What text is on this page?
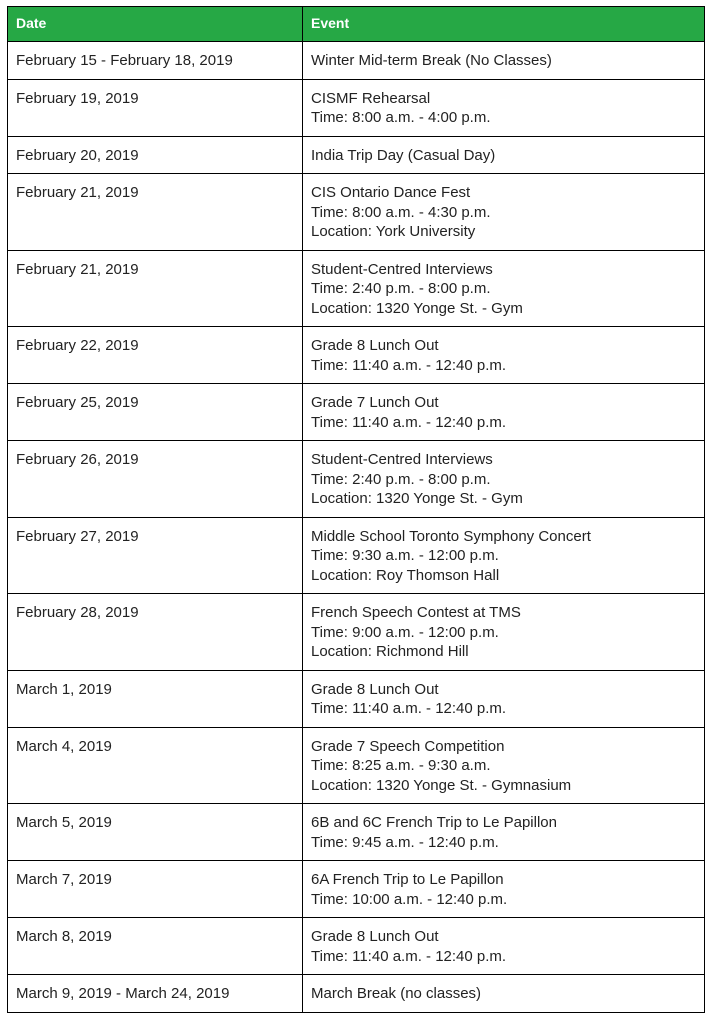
Date	Event
February 15 - February 18, 2019	Winter Mid-term Break (No Classes)

February 19, 2019	CISMF Rehearsal
Time: 8:00 a.m. - 4:00 p.m.

February 20, 2019	India Trip Day (Casual Day)

February 21, 2019	CIS Ontario Dance Fest
Time: 8:00 a.m. - 4:30 p.m.
Location: York University

February 21, 2019	Student-Centred Interviews
Time: 2:40 p.m. - 8:00 p.m.
Location: 1320 Yonge St. - Gym

February 22, 2019	Grade 8 Lunch Out
Time: 11:40 a.m. - 12:40 p.m.

February 25, 2019	Grade 7 Lunch Out
Time: 11:40 a.m. - 12:40 p.m.

February 26, 2019	Student-Centred Interviews
Time: 2:40 p.m. - 8:00 p.m.
Location: 1320 Yonge St. - Gym

February 27, 2019	Middle School Toronto Symphony Concert
Time: 9:30 a.m. - 12:00 p.m.
Location: Roy Thomson Hall

February 28, 2019	French Speech Contest at TMS
Time: 9:00 a.m. - 12:00 p.m.
Location: Richmond Hill

March 1, 2019	Grade 8 Lunch Out
Time: 11:40 a.m. - 12:40 p.m.

March 4, 2019	Grade 7 Speech Competition
Time: 8:25 a.m. - 9:30 a.m.
Location: 1320 Yonge St. - Gymnasium

March 5, 2019	6B and 6C French Trip to Le Papillon
Time: 9:45 a.m. - 12:40 p.m.

March 7, 2019	6A French Trip to Le Papillon
Time: 10:00 a.m. - 12:40 p.m.

March 8, 2019	Grade 8 Lunch Out
Time: 11:40 a.m. - 12:40 p.m.

March 9, 2019 - March 24, 2019	March Break (no classes)
